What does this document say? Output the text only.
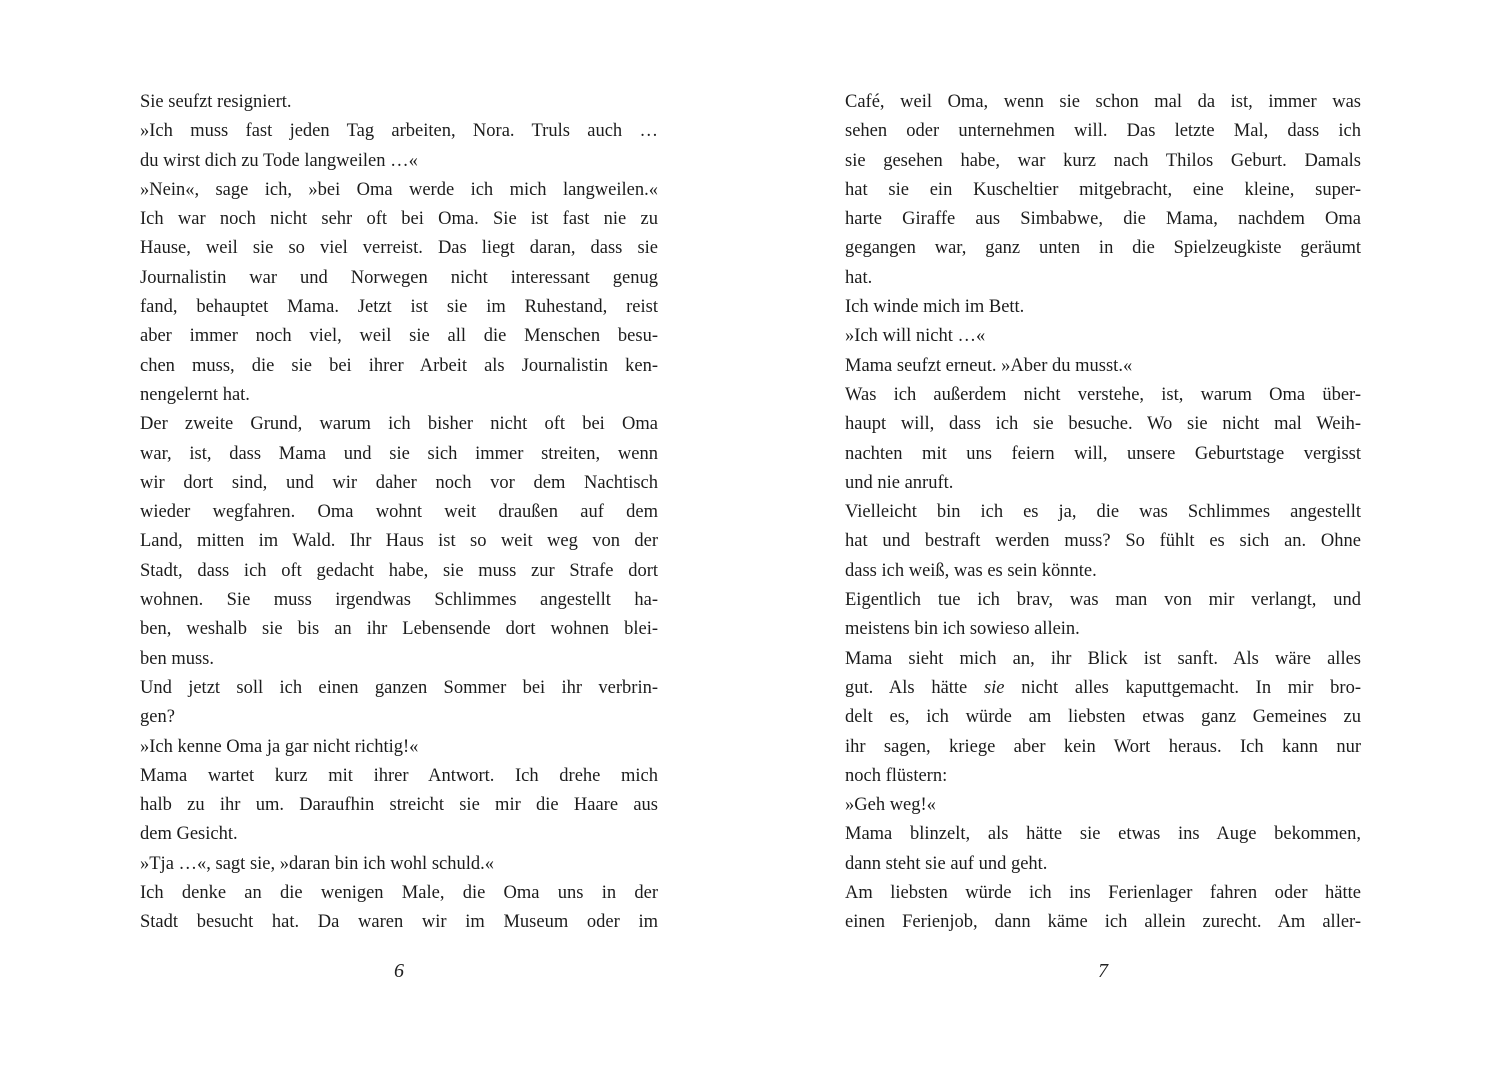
Sie seufzt resigniert.
»Ich muss fast jeden Tag arbeiten, Nora. Truls auch …
du wirst dich zu Tode langweilen …«
»Nein«, sage ich, »bei Oma werde ich mich langweilen.«
Ich war noch nicht sehr oft bei Oma. Sie ist fast nie zu
Hause, weil sie so viel verreist. Das liegt daran, dass sie
Journalistin war und Norwegen nicht interessant genug
fand, behauptet Mama. Jetzt ist sie im Ruhestand, reist
aber immer noch viel, weil sie all die Menschen besu-
chen muss, die sie bei ihrer Arbeit als Journalistin ken-
nengelernt hat.
Der zweite Grund, warum ich bisher nicht oft bei Oma
war, ist, dass Mama und sie sich immer streiten, wenn
wir dort sind, und wir daher noch vor dem Nachtisch
wieder wegfahren. Oma wohnt weit draußen auf dem
Land, mitten im Wald. Ihr Haus ist so weit weg von der
Stadt, dass ich oft gedacht habe, sie muss zur Strafe dort
wohnen. Sie muss irgendwas Schlimmes angestellt ha-
ben, weshalb sie bis an ihr Lebensende dort wohnen blei-
ben muss.
Und jetzt soll ich einen ganzen Sommer bei ihr verbrin-
gen?
»Ich kenne Oma ja gar nicht richtig!«
Mama wartet kurz mit ihrer Antwort. Ich drehe mich
halb zu ihr um. Daraufhin streicht sie mir die Haare aus
dem Gesicht.
»Tja …«, sagt sie, »daran bin ich wohl schuld.«
Ich denke an die wenigen Male, die Oma uns in der
Stadt besucht hat. Da waren wir im Museum oder im
6
Café, weil Oma, wenn sie schon mal da ist, immer was
sehen oder unternehmen will. Das letzte Mal, dass ich
sie gesehen habe, war kurz nach Thilos Geburt. Damals
hat sie ein Kuscheltier mitgebracht, eine kleine, super-
harte Giraffe aus Simbabwe, die Mama, nachdem Oma
gegangen war, ganz unten in die Spielzeugkiste geräumt
hat.
Ich winde mich im Bett.
»Ich will nicht …«
Mama seufzt erneut. »Aber du musst.«
Was ich außerdem nicht verstehe, ist, warum Oma über-
haupt will, dass ich sie besuche. Wo sie nicht mal Weih-
nachten mit uns feiern will, unsere Geburtstage vergisst
und nie anruft.
Vielleicht bin ich es ja, die was Schlimmes angestellt
hat und bestraft werden muss? So fühlt es sich an. Ohne
dass ich weiß, was es sein könnte.
Eigentlich tue ich brav, was man von mir verlangt, und
meistens bin ich sowieso allein.
Mama sieht mich an, ihr Blick ist sanft. Als wäre alles
gut. Als hätte sie nicht alles kaputtgemacht. In mir bro-
delt es, ich würde am liebsten etwas ganz Gemeines zu
ihr sagen, kriege aber kein Wort heraus. Ich kann nur
noch flüstern:
»Geh weg!«
Mama blinzelt, als hätte sie etwas ins Auge bekommen,
dann steht sie auf und geht.
Am liebsten würde ich ins Ferienlager fahren oder hätte
einen Ferienjob, dann käme ich allein zurecht. Am aller-
7
